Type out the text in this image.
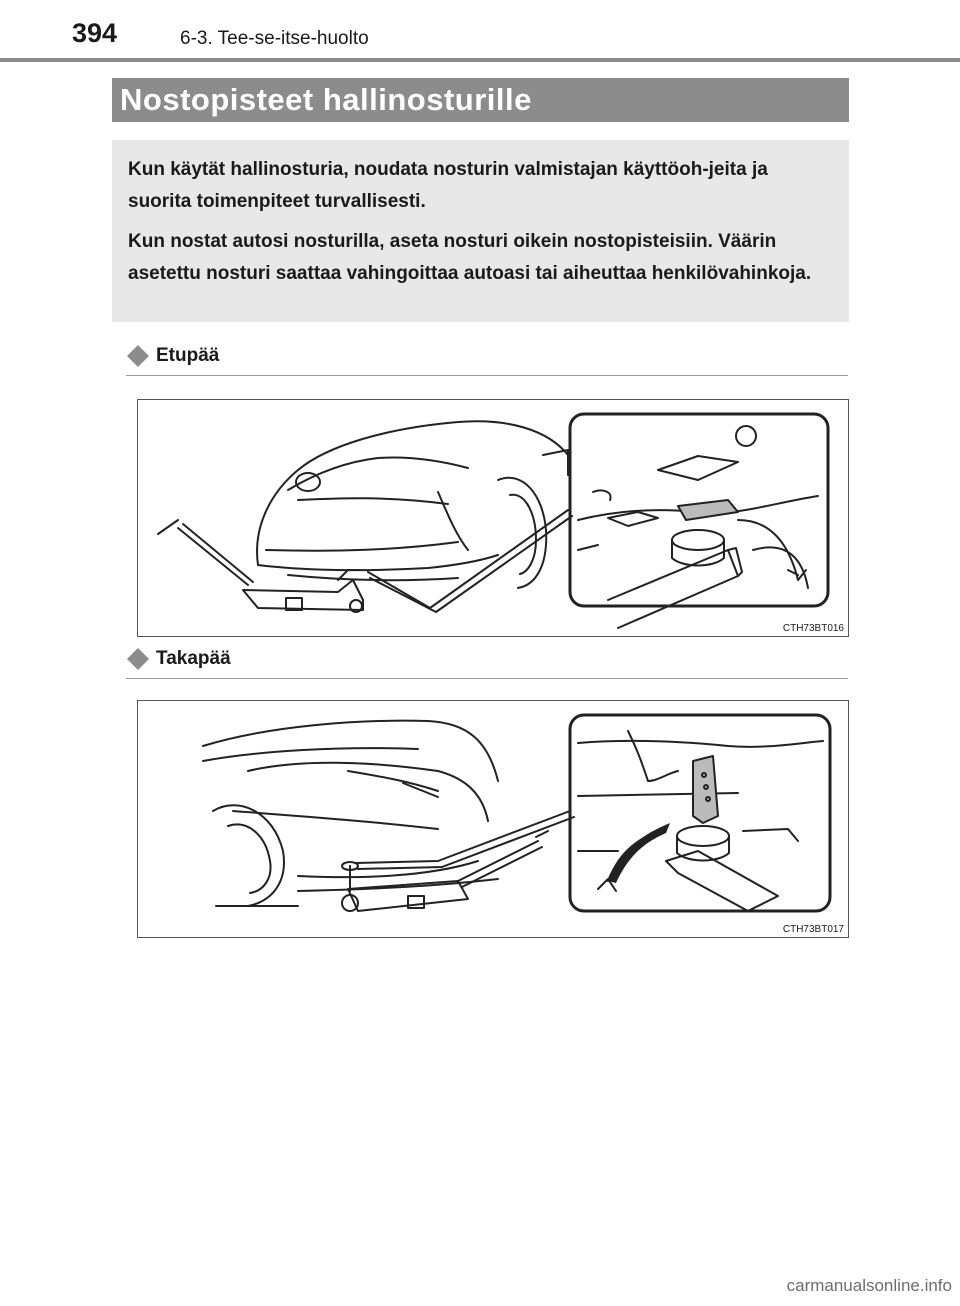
394	6-3. Tee-se-itse-huolto
Nostopisteet hallinosturille

Kun käytät hallinosturia, noudata nosturin valmistajan käyttöoh-jeita ja suorita toimenpiteet turvallisesti.

Kun nostat autosi nosturilla, aseta nosturi oikein nostopisteisiin. Väärin asetettu nosturi saattaa vahingoittaa autoasi tai aiheuttaa henkilövahinkoja.

Etupää
CTH73BT016
Takapää
CTH73BT017
carmanualsonline.info
